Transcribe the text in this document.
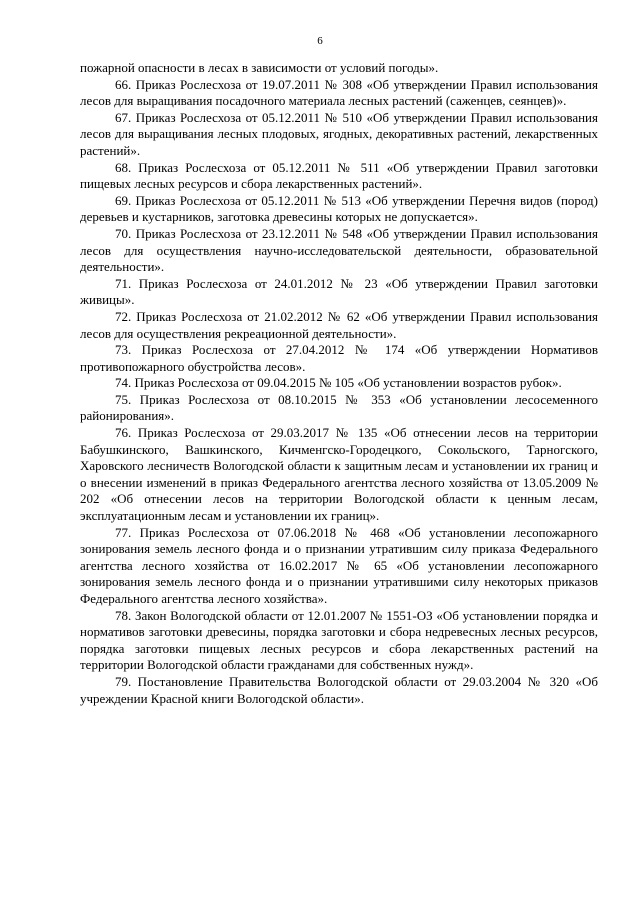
6

пожарной опасности в лесах в зависимости от условий погоды».

66. Приказ Рослесхоза от 19.07.2011 № 308 «Об утверждении Правил использования лесов для выращивания посадочного материала лесных растений (саженцев, сеянцев)».

67. Приказ Рослесхоза от 05.12.2011 № 510 «Об утверждении Правил использования лесов для выращивания лесных плодовых, ягодных, декоративных растений, лекарственных растений».

68. Приказ Рослесхоза от 05.12.2011 № 511 «Об утверждении Правил заготовки пищевых лесных ресурсов и сбора лекарственных растений».

69. Приказ Рослесхоза от 05.12.2011 № 513 «Об утверждении Перечня видов (пород) деревьев и кустарников, заготовка древесины которых не допускается».

70. Приказ Рослесхоза от 23.12.2011 № 548 «Об утверждении Правил использования лесов для осуществления научно-исследовательской деятельности, образовательной деятельности».

71. Приказ Рослесхоза от 24.01.2012 № 23 «Об утверждении Правил заготовки живицы».

72. Приказ Рослесхоза от 21.02.2012 № 62 «Об утверждении Правил использования лесов для осуществления рекреационной деятельности».

73. Приказ Рослесхоза от 27.04.2012 № 174 «Об утверждении Нормативов противопожарного обустройства лесов».

74. Приказ Рослесхоза от 09.04.2015 № 105 «Об установлении возрастов рубок».

75. Приказ Рослесхоза от 08.10.2015 № 353 «Об установлении лесосеменного районирования».

76. Приказ Рослесхоза от 29.03.2017 № 135 «Об отнесении лесов на территории Бабушкинского, Вашкинского, Кичменгско-Городецкого, Сокольского, Тарногского, Харовского лесничеств Вологодской области к защитным лесам и установлении их границ и о внесении изменений в приказ Федерального агентства лесного хозяйства от 13.05.2009 № 202 «Об отнесении лесов на территории Вологодской области к ценным лесам, эксплуатационным лесам и установлении их границ».

77. Приказ Рослесхоза от 07.06.2018 № 468 «Об установлении лесопожарного зонирования земель лесного фонда и о признании утратившим силу приказа Федерального агентства лесного хозяйства от 16.02.2017 № 65 «Об установлении лесопожарного зонирования земель лесного фонда и о признании утратившими силу некоторых приказов Федерального агентства лесного хозяйства».

78. Закон Вологодской области от 12.01.2007 № 1551-ОЗ «Об установлении порядка и нормативов заготовки древесины, порядка заготовки и сбора недревесных лесных ресурсов, порядка заготовки пищевых лесных ресурсов и сбора лекарственных растений на территории Вологодской области гражданами для собственных нужд».

79. Постановление Правительства Вологодской области от 29.03.2004 № 320 «Об учреждении Красной книги Вологодской области».
